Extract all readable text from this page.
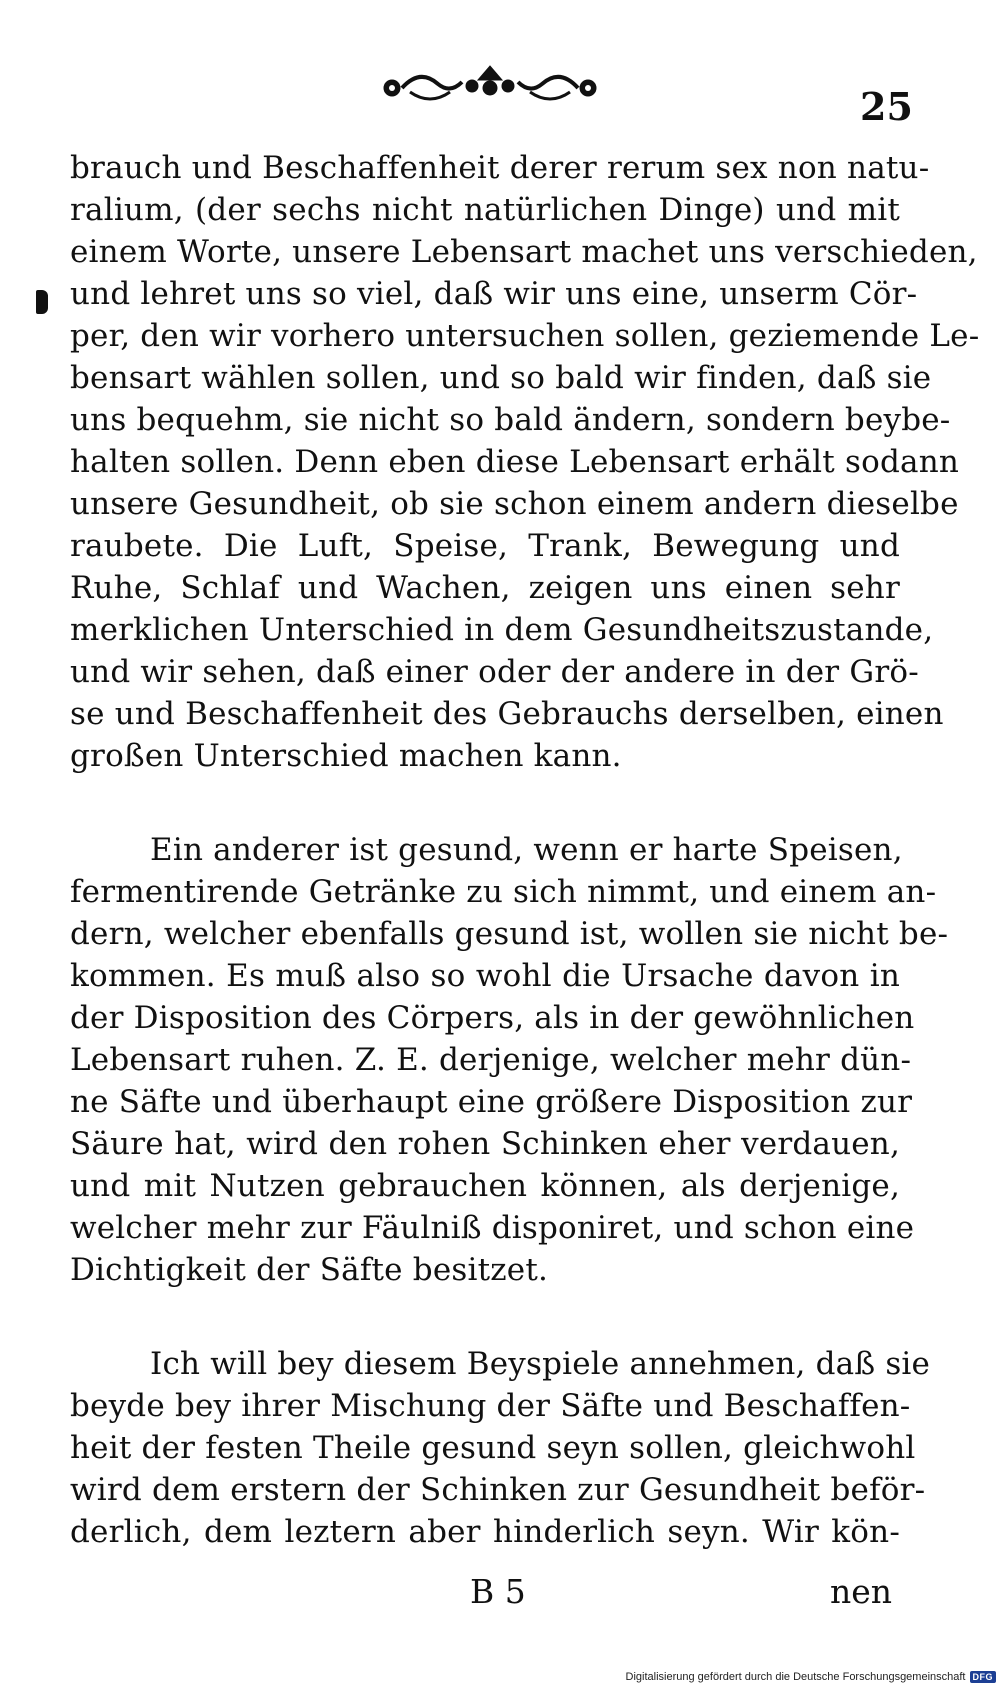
25
brauch und Beschaffenheit derer rerum sex non natu-
ralium, (der sechs nicht natürlichen Dinge) und mit
einem Worte, unsere Lebensart machet uns verschieden,
und lehret uns so viel, daß wir uns eine, unserm Cör-
per, den wir vorhero untersuchen sollen, geziemende Le-
bensart wählen sollen, und so bald wir finden, daß sie
uns bequehm, sie nicht so bald ändern, sondern beybe-
halten sollen. Denn eben diese Lebensart erhält sodann
unsere Gesundheit, ob sie schon einem andern dieselbe
raubete. Die Luft, Speise, Trank, Bewegung und
Ruhe, Schlaf und Wachen, zeigen uns einen sehr
merklichen Unterschied in dem Gesundheitszustande,
und wir sehen, daß einer oder der andere in der Grö-
se und Beschaffenheit des Gebrauchs derselben, einen
großen Unterschied machen kann.
Ein anderer ist gesund, wenn er harte Speisen,
fermentirende Getränke zu sich nimmt, und einem an-
dern, welcher ebenfalls gesund ist, wollen sie nicht be-
kommen. Es muß also so wohl die Ursache davon in
der Disposition des Cörpers, als in der gewöhnlichen
Lebensart ruhen. Z. E. derjenige, welcher mehr dün-
ne Säfte und überhaupt eine größere Disposition zur
Säure hat, wird den rohen Schinken eher verdauen,
und mit Nutzen gebrauchen können, als derjenige,
welcher mehr zur Fäulniß disponiret, und schon eine
Dichtigkeit der Säfte besitzet.
Ich will bey diesem Beyspiele annehmen, daß sie
beyde bey ihrer Mischung der Säfte und Beschaffen-
heit der festen Theile gesund seyn sollen, gleichwohl
wird dem erstern der Schinken zur Gesundheit beför-
derlich, dem leztern aber hinderlich seyn. Wir kön-
B 5	nen
Digitalisierung gefördert durch die Deutsche Forschungsgemeinschaft DFG
